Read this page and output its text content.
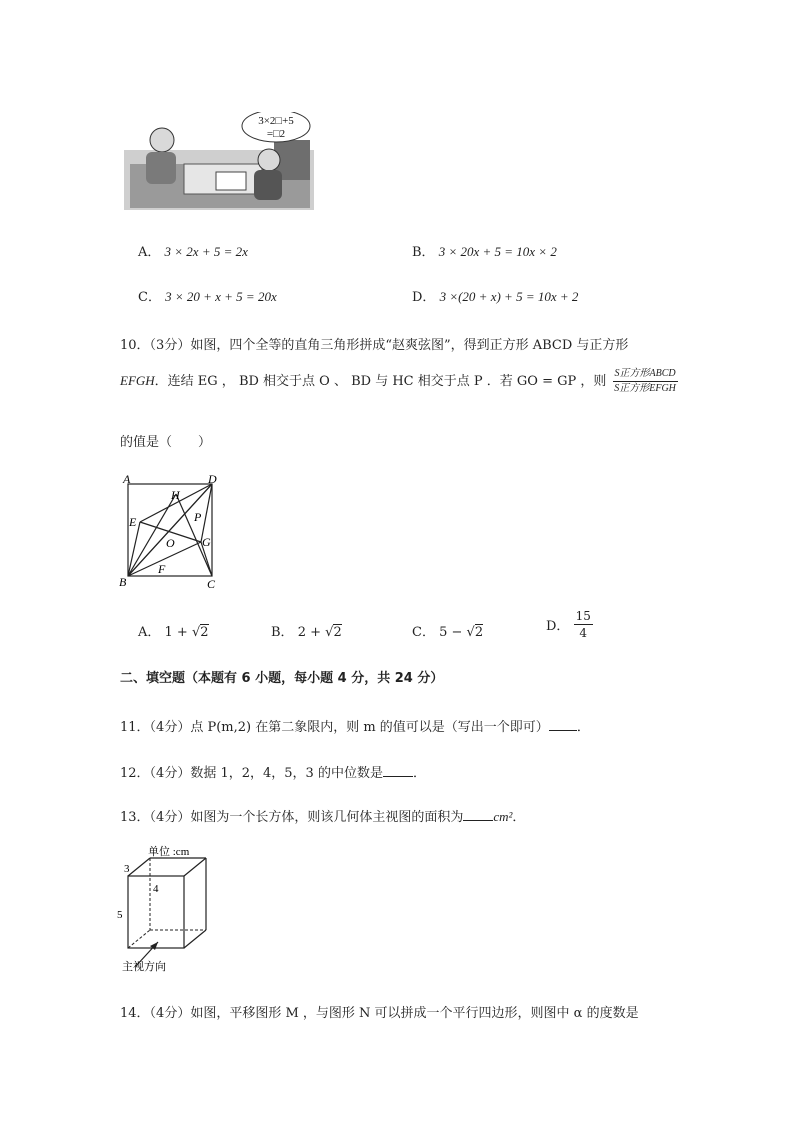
3×2□+5
=□2
A． 3 × 2x + 5 = 2x	B． 3 × 20x + 5 = 10x × 2
C． 3 × 20 + x + 5 = 20x	D． 3 ×(20 + x) + 5 = 10x + 2
10．（3分）如图，四个全等的直角三角形拼成“赵爽弦图”，得到正方形 ABCD 与正方形
EFGH．连结 EG ， BD 相交于点 O 、 BD 与 HC 相交于点 P ．若 GO = GP ，则 $\frac{\text{S正方形ABCD}}{\text{S正方形EFGH}}$
的值是（　　）
A	D
H
E	P
O G
F
B	C
A． 1 + √2	B． 2 + √2	C． 5 − √2	D． $\frac{15}{4}$
二、填空题（本题有 6 小题，每小题 4 分，共 24 分）
11．（4分）点 P(m,2) 在第二象限内，则 m 的值可以是（写出一个即可） ．
12．（4分）数据 1，2，4，5，3 的中位数是 ．
13．（4分）如图为一个长方体，则该几何体主视图的面积为 cm²．
单位 :cm
3
4
5
主视方向
14．（4分）如图，平移图形 M ，与图形 N 可以拼成一个平行四边形，则图中 α 的度数是
